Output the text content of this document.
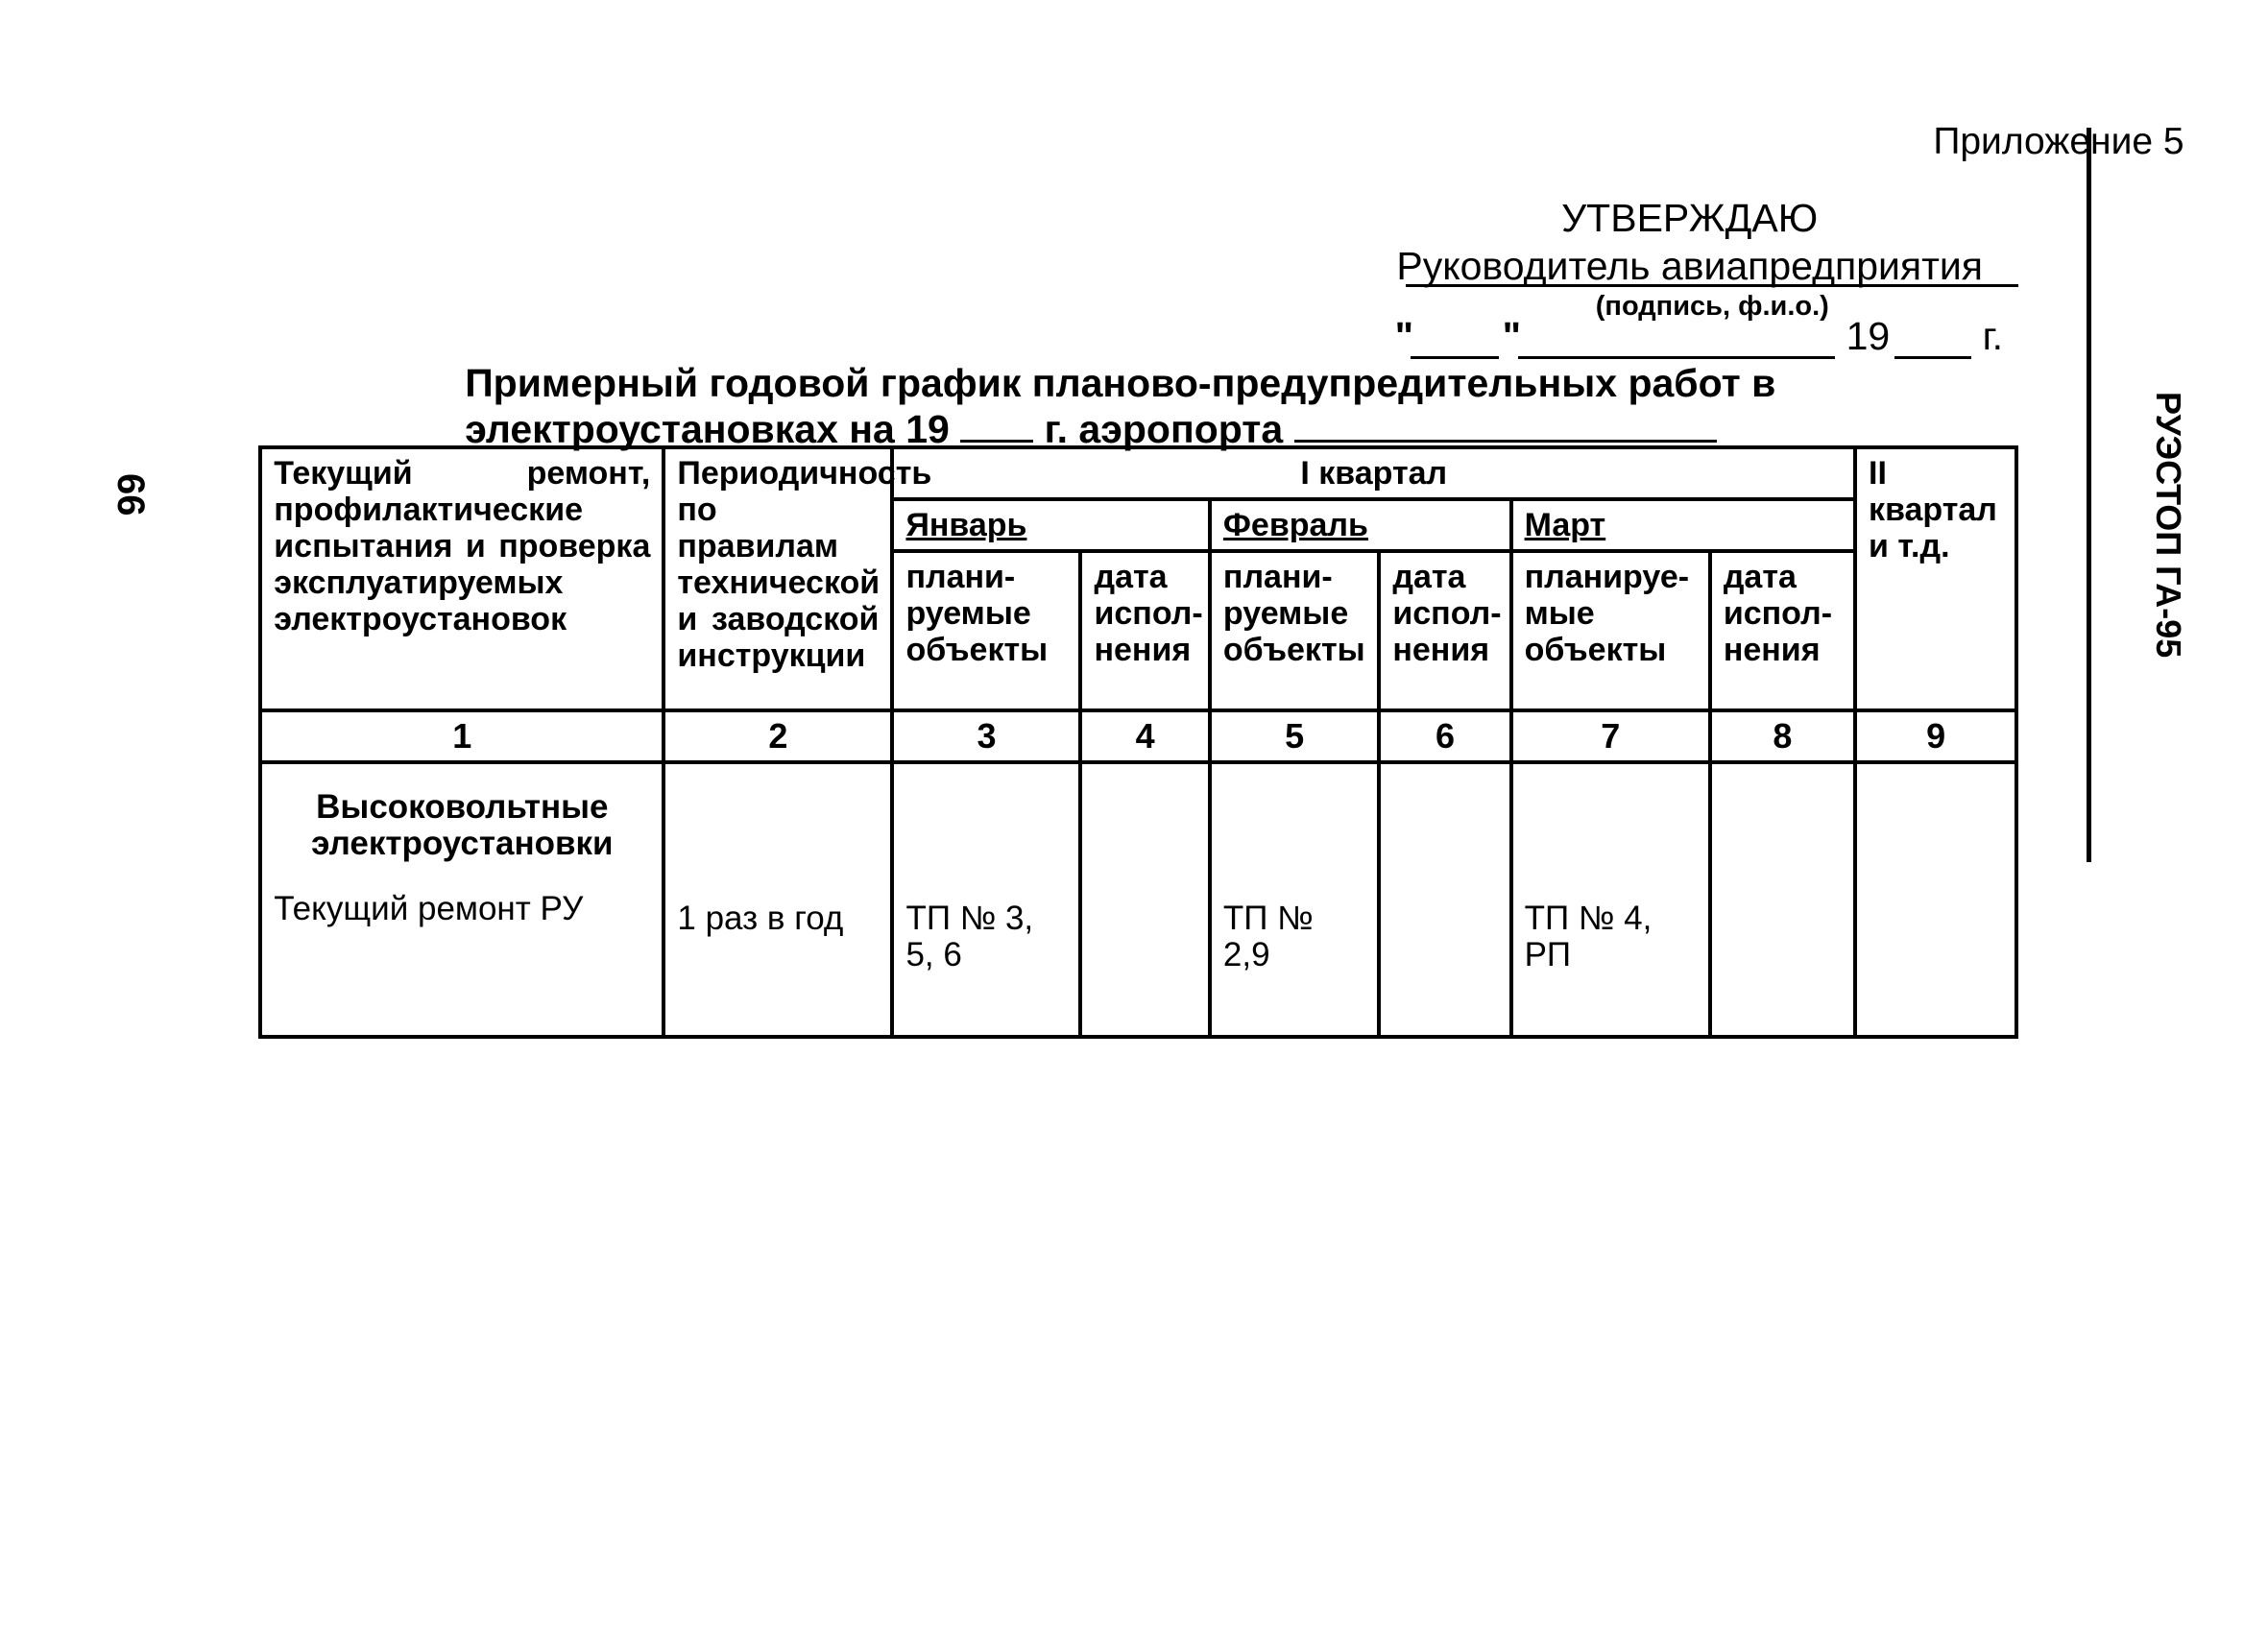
Приложение 5
УТВЕРЖДАЮ
Руководитель авиапредприятия
(подпись, ф.и.о.)
" "	19 г.
Примерный годовой график планово-предупредительных работ в
электроустановках на 19 г. аэропорта
66	РУЭСТОП ГА-95
Текущий ремонт, профилактические испытания и проверка эксплуатируемых электроустановок	Периодичность по правилам технической и заводской инструкции	I квартал						II квартал и т.д.
		Январь		Февраль		Март		
		плани-руемые объекты	дата испол-нения	плани-руемые объекты	дата испол-нения	планируе-мые объекты	дата испол-нения	
1	2	3	4	5	6	7	8	9

Высоковольтные электроустановки
Текущий ремонт РУ	1 раз в год	ТП № 3, 5, 6		ТП № 2,9		ТП № 4, РП		
